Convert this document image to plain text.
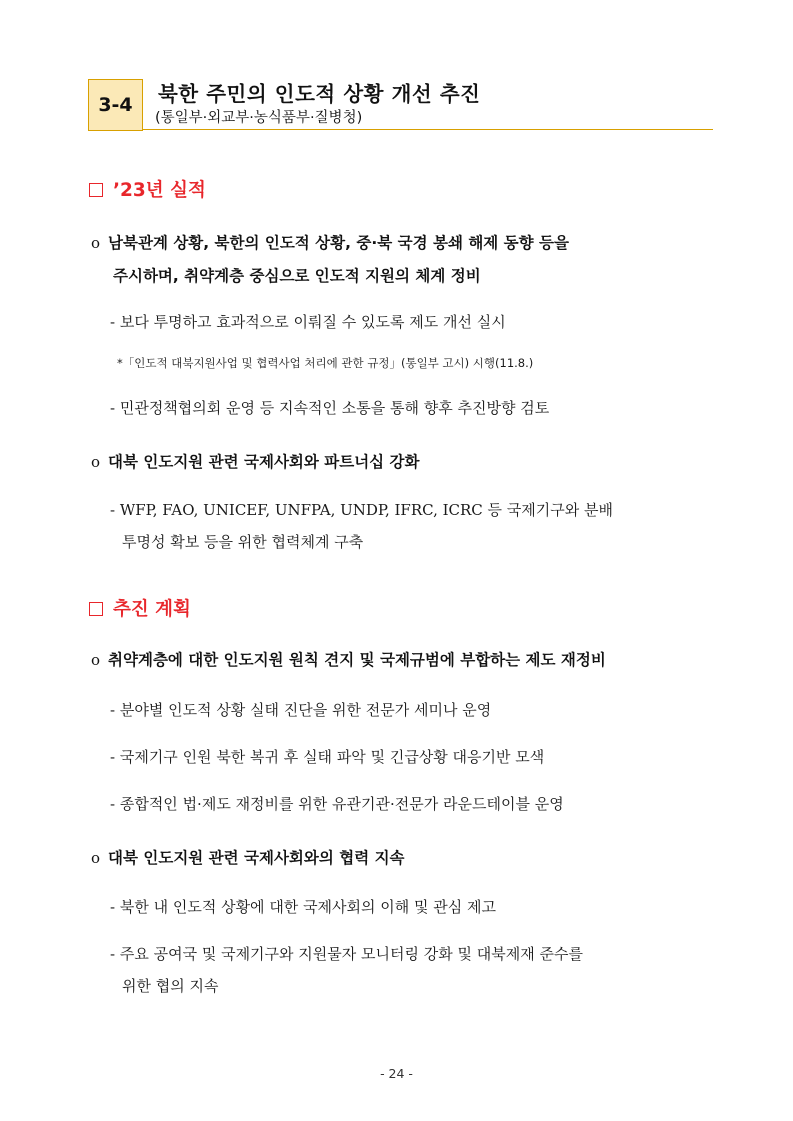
3-4	북한 주민의 인도적 상황 개선 추진
(통일부·외교부·농식품부·질병청)
’23년 실적
o 남북관계 상황, 북한의 인도적 상황, 중·북 국경 봉쇄 해제 동향 등을
주시하며, 취약계층 중심으로 인도적 지원의 체계 정비
- 보다 투명하고 효과적으로 이뤄질 수 있도록 제도 개선 실시
*「인도적 대북지원사업 및 협력사업 처리에 관한 규정」(통일부 고시) 시행(11.8.)
- 민관정책협의회 운영 등 지속적인 소통을 통해 향후 추진방향 검토
o 대북 인도지원 관련 국제사회와 파트너십 강화
- WFP, FAO, UNICEF, UNFPA, UNDP, IFRC, ICRC 등 국제기구와 분배
투명성 확보 등을 위한 협력체계 구축
추진 계획
o 취약계층에 대한 인도지원 원칙 견지 및 국제규범에 부합하는 제도 재정비
- 분야별 인도적 상황 실태 진단을 위한 전문가 세미나 운영
- 국제기구 인원 북한 복귀 후 실태 파악 및 긴급상황 대응기반 모색
- 종합적인 법·제도 재정비를 위한 유관기관·전문가 라운드테이블 운영
o 대북 인도지원 관련 국제사회와의 협력 지속
- 북한 내 인도적 상황에 대한 국제사회의 이해 및 관심 제고
- 주요 공여국 및 국제기구와 지원물자 모니터링 강화 및 대북제재 준수를
위한 협의 지속
- 24 -
